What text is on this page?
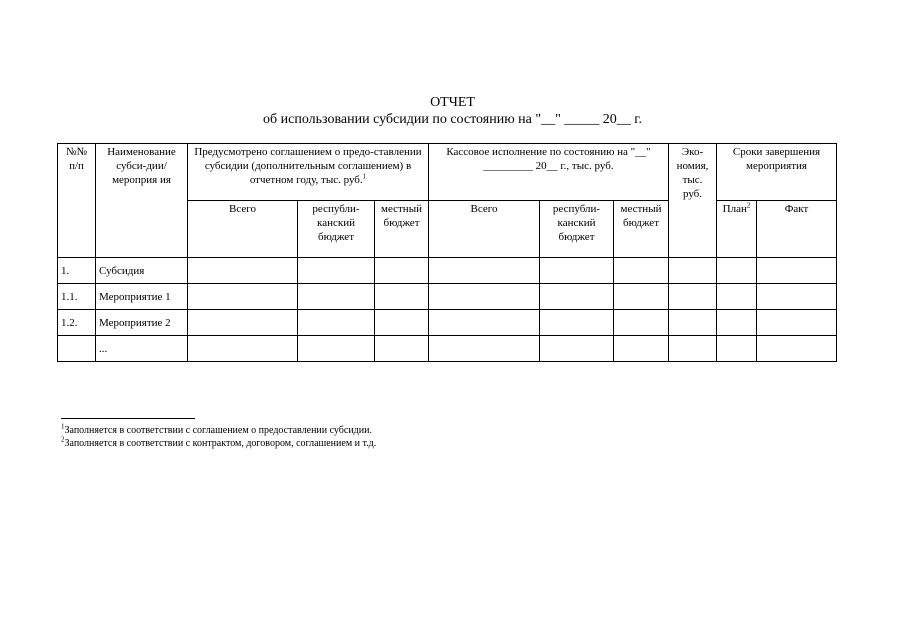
ОТЧЕТ
об использовании субсидии по состоянию на "__" _____ 20__ г.
№№ п/п	Наименование субси-дии/мероприя ия	Предусмотрено соглашением о предо-ставлении субсидии (дополнительным соглашением) в отчетном году, тыс. руб.$^1$			Кассовое исполнение по состоянию на "__" _________ 20__ г., тыс. руб.			Эко-номия, тыс. руб.	Сроки завершения мероприятия	
		Всего	республи-канский бюджет	местный бюджет	Всего	республи-канский бюджет	местный бюджет		План$^2$	Факт
1.	Субсидия									
1.1.	Мероприятие 1									
1.2.	Мероприятие 2									
	...									
$^1$Заполняется в соответствии с соглашением о предоставлении субсидии.
$^2$Заполняется в соответствии с контрактом, договором, соглашением и т.д.
